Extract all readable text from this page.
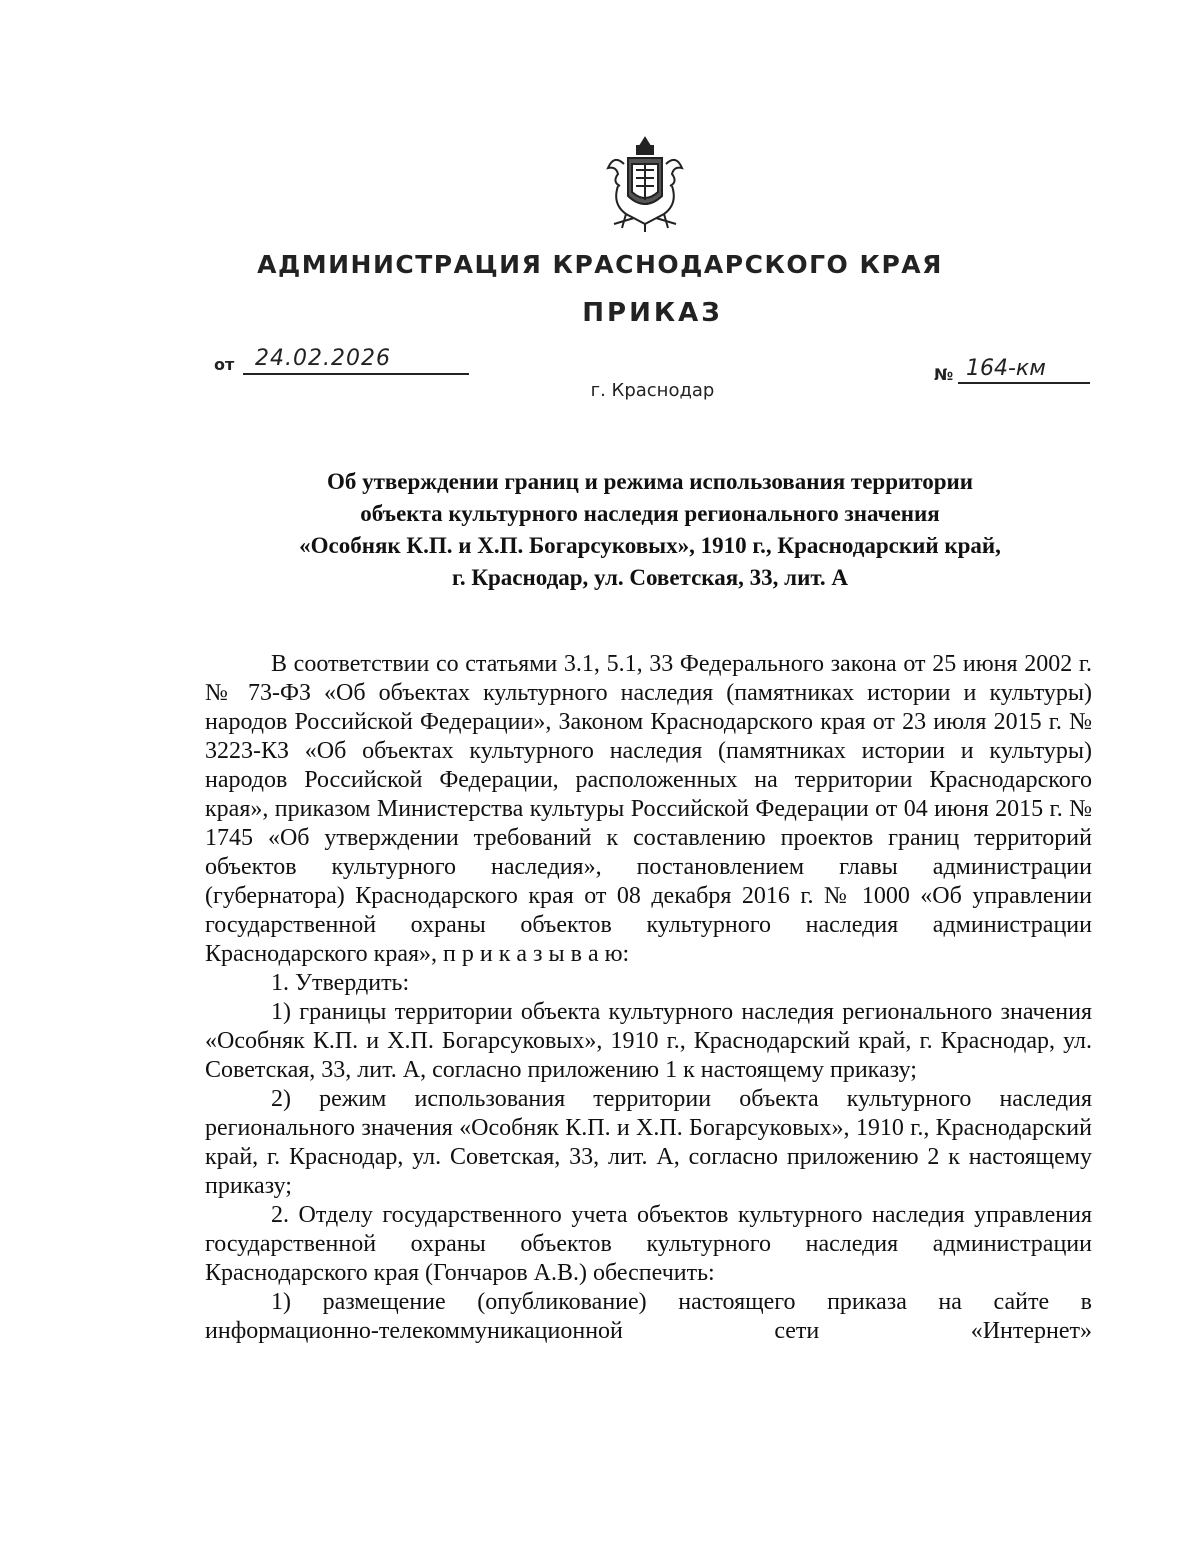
АДМИНИСТРАЦИЯ КРАСНОДАРСКОГО КРАЯ
ПРИКАЗ
от 24.02.2026
г. Краснодар
№ 164-км
Об утверждении границ и режима использования территории
объекта культурного наследия регионального значения
«Особняк К.П. и Х.П. Богарсуковых», 1910 г., Краснодарский край,
г. Краснодар, ул. Советская, 33, лит. А

В соответствии со статьями 3.1, 5.1, 33 Федерального закона от 25 июня 2002 г. № 73-ФЗ «Об объектах культурного наследия (памятниках истории и культуры) народов Российской Федерации», Законом Краснодарского края от 23 июля 2015 г. № 3223-КЗ «Об объектах культурного наследия (памятниках истории и культуры) народов Российской Федерации, расположенных на территории Краснодарского края», приказом Министерства культуры Российской Федерации от 04 июня 2015 г. № 1745 «Об утверждении требований к составлению проектов границ территорий объектов культурного наследия», постановлением главы администрации (губернатора) Краснодарского края от 08 декабря 2016 г. № 1000 «Об управлении государственной охраны объектов культурного наследия администрации Краснодарского края», п р и к а з ы в а ю:

1. Утвердить:

1) границы территории объекта культурного наследия регионального значения «Особняк К.П. и Х.П. Богарсуковых», 1910 г., Краснодарский край, г. Краснодар, ул. Советская, 33, лит. А, согласно приложению 1 к настоящему приказу;

2) режим использования территории объекта культурного наследия регионального значения «Особняк К.П. и Х.П. Богарсуковых», 1910 г., Краснодарский край, г. Краснодар, ул. Советская, 33, лит. А, согласно приложению 2 к настоящему приказу;

2. Отделу государственного учета объектов культурного наследия управления государственной охраны объектов культурного наследия администрации Краснодарского края (Гончаров А.В.) обеспечить:

1) размещение (опубликование) настоящего приказа на сайте в информационно-телекоммуникационной сети «Интернет»
